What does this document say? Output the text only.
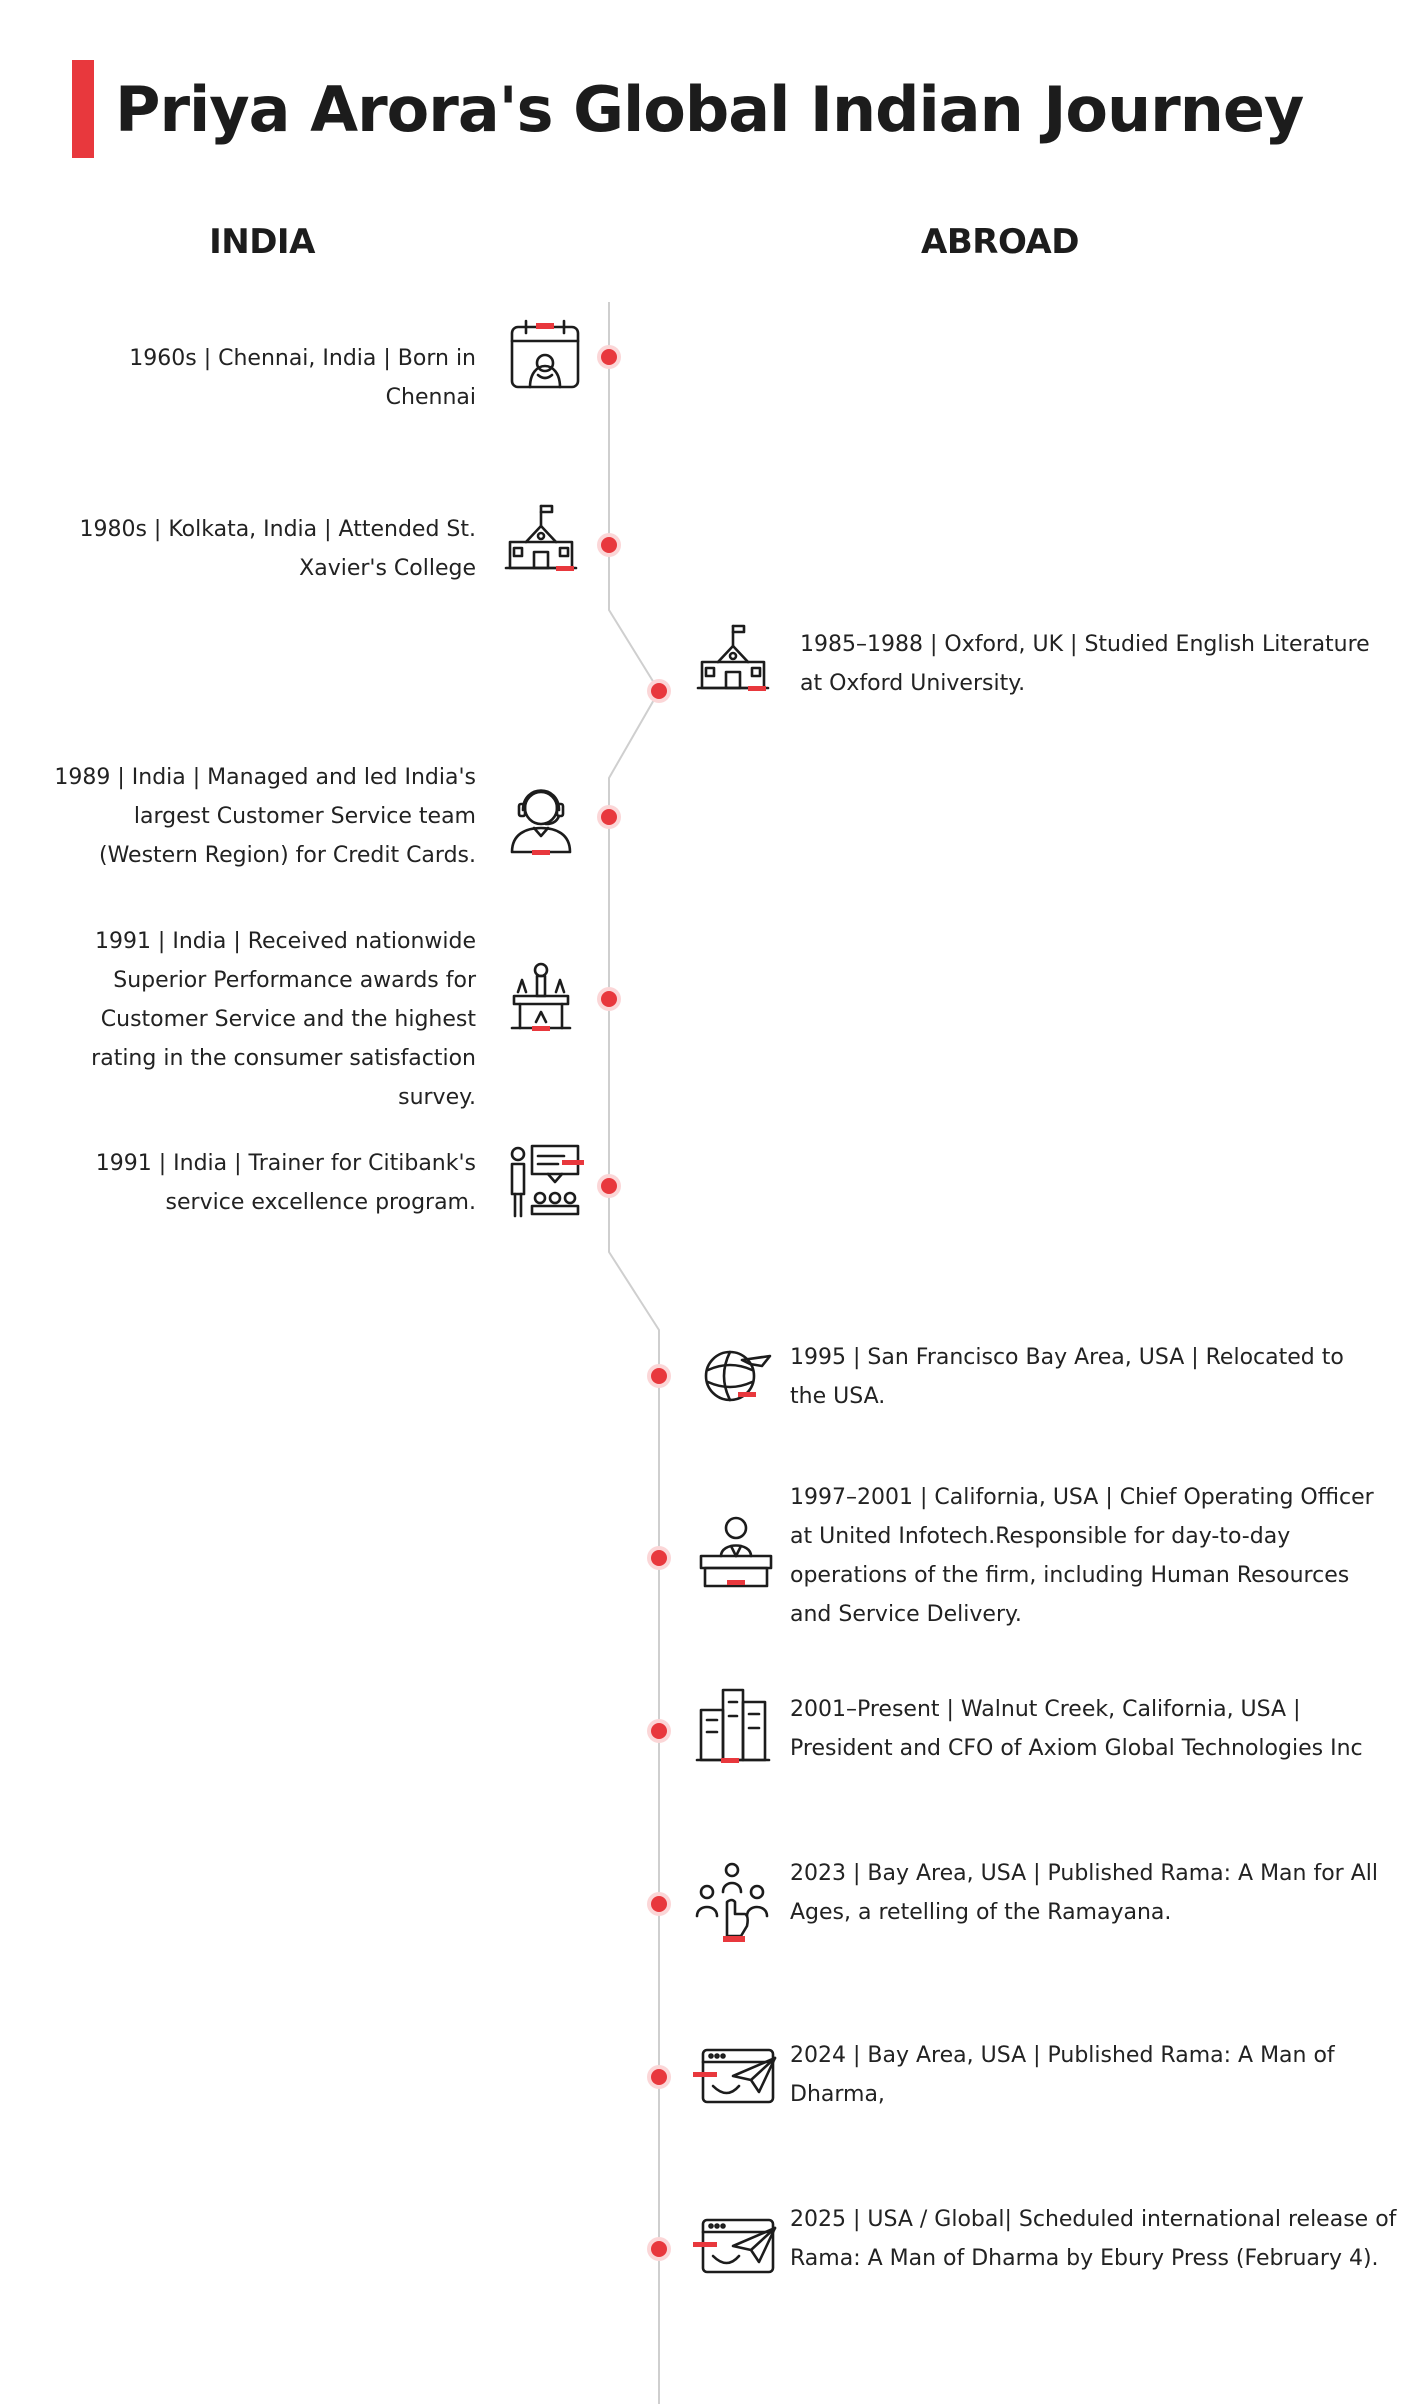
Priya Arora's Global Indian Journey
INDIA	ABROAD
1960s | Chennai, India | Born in Chennai
1980s | Kolkata, India | Attended St. Xavier's College
1985–1988 | Oxford, UK | Studied English Literature at Oxford University.
1989 | India | Managed and led India's largest Customer Service team (Western Region) for Credit Cards.
1991 | India | Received nationwide Superior Performance awards for Customer Service and the highest rating in the consumer satisfaction survey.
1991 | India | Trainer for Citibank's service excellence program.
1995 | San Francisco Bay Area, USA | Relocated to the USA.
1997–2001 | California, USA | Chief Operating Officer at United Infotech.Responsible for day-to-day operations of the firm, including Human Resources and Service Delivery.
2001–Present | Walnut Creek, California, USA | President and CFO of Axiom Global Technologies Inc
2023 | Bay Area, USA | Published Rama: A Man for All Ages, a retelling of the Ramayana.
2024 | Bay Area, USA | Published Rama: A Man of Dharma,
2025 | USA / Global| Scheduled international release of Rama: A Man of Dharma by Ebury Press (February 4).
